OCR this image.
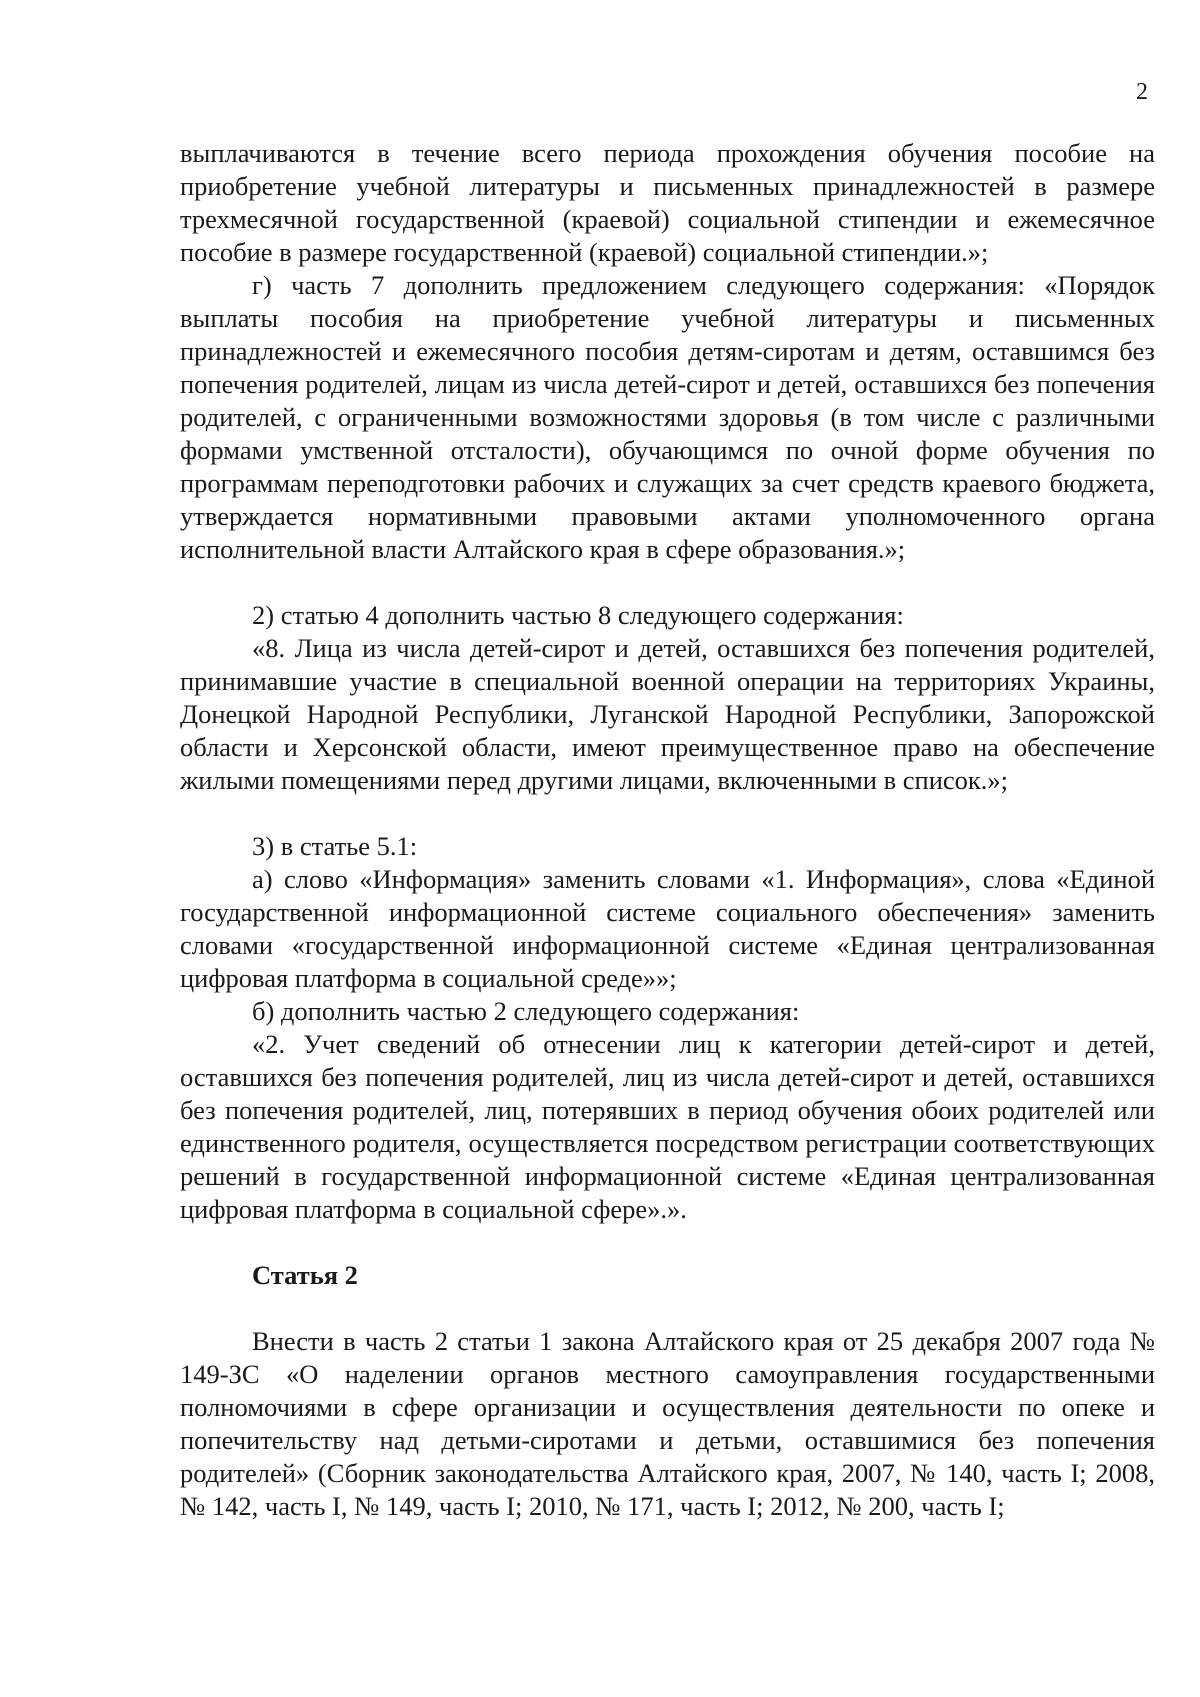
2

выплачиваются в течение всего периода прохождения обучения пособие на приобретение учебной литературы и письменных принадлежностей в размере трехмесячной государственной (краевой) социальной стипендии и ежемесячное пособие в размере государственной (краевой) социальной стипендии.»;

г) часть 7 дополнить предложением следующего содержания: «Порядок выплаты пособия на приобретение учебной литературы и письменных принадлежностей и ежемесячного пособия детям-сиротам и детям, оставшимся без попечения родителей, лицам из числа детей-сирот и детей, оставшихся без попечения родителей, с ограниченными возможностями здоровья (в том числе с различными формами умственной отсталости), обучающимся по очной форме обучения по программам переподготовки рабочих и служащих за счет средств краевого бюджета, утверждается нормативными правовыми актами уполномоченного органа исполнительной власти Алтайского края в сфере образования.»;

2) статью 4 дополнить частью 8 следующего содержания:

«8. Лица из числа детей-сирот и детей, оставшихся без попечения родителей, принимавшие участие в специальной военной операции на территориях Украины, Донецкой Народной Республики, Луганской Народной Республики, Запорожской области и Херсонской области, имеют преимущественное право на обеспечение жилыми помещениями перед другими лицами, включенными в список.»;

3) в статье 5.1:

а) слово «Информация» заменить словами «1. Информация», слова «Единой государственной информационной системе социального обеспечения» заменить словами «государственной информационной системе «Единая централизованная цифровая платформа в социальной среде»»;

б) дополнить частью 2 следующего содержания:

«2. Учет сведений об отнесении лиц к категории детей-сирот и детей, оставшихся без попечения родителей, лиц из числа детей-сирот и детей, оставшихся без попечения родителей, лиц, потерявших в период обучения обоих родителей или единственного родителя, осуществляется посредством регистрации соответствующих решений в государственной информационной системе «Единая централизованная цифровая платформа в социальной сфере».».

Статья 2

Внести в часть 2 статьи 1 закона Алтайского края от 25 декабря 2007 года № 149-ЗС «О наделении органов местного самоуправления государственными полномочиями в сфере организации и осуществления деятельности по опеке и попечительству над детьми-сиротами и детьми, оставшимися без попечения родителей» (Сборник законодательства Алтайского края, 2007, № 140, часть I; 2008, № 142, часть I, № 149, часть I; 2010, № 171, часть I; 2012, № 200, часть I;
